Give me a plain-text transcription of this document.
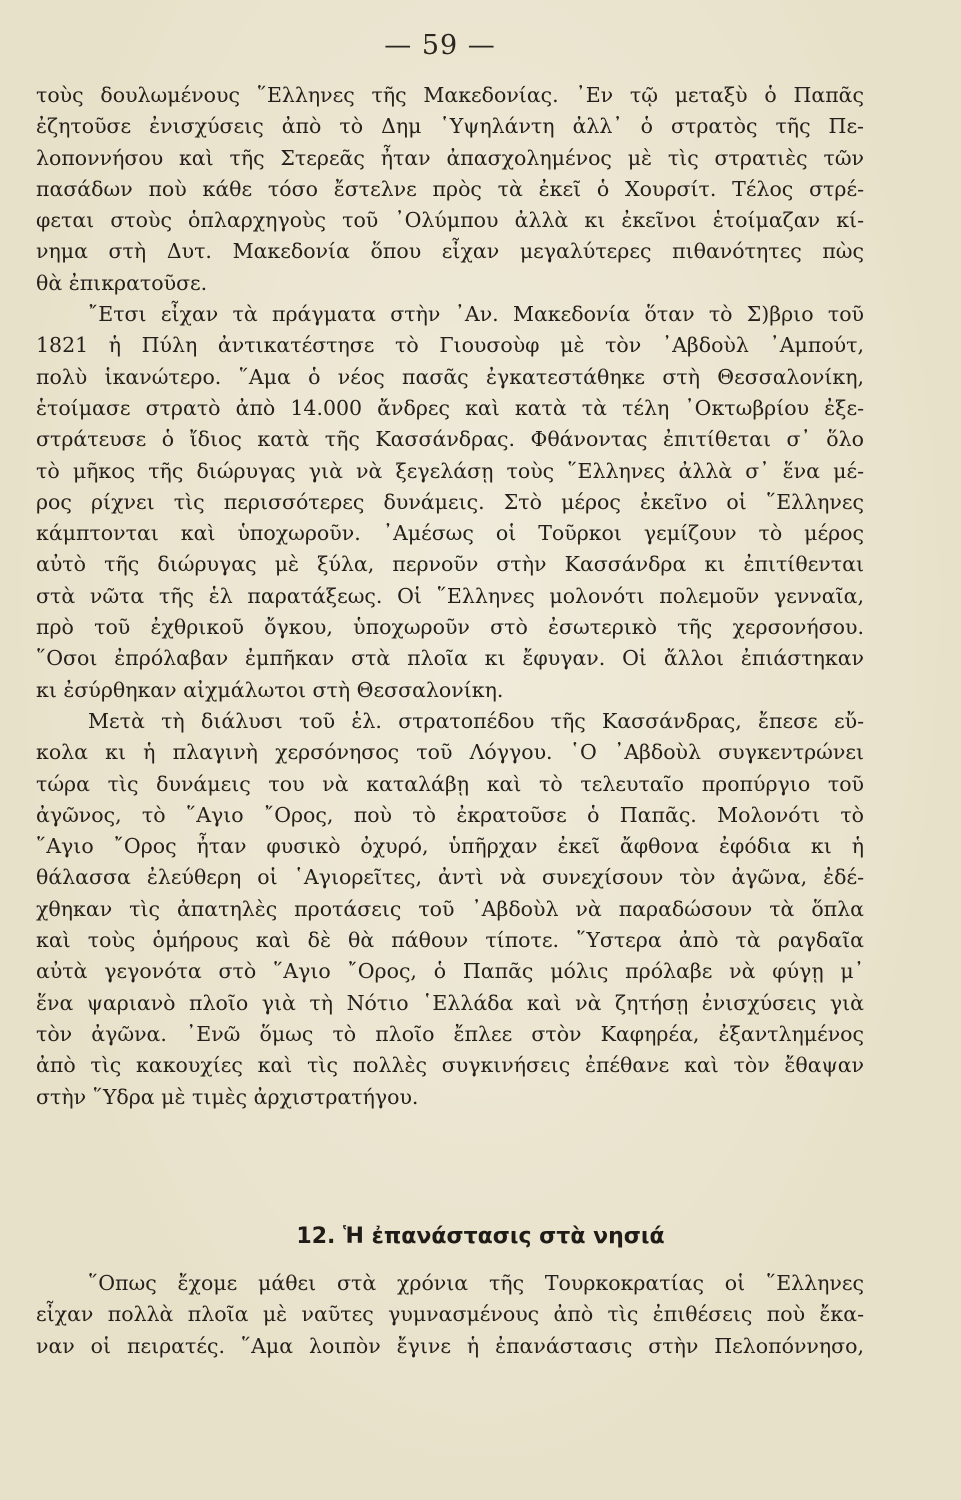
— 59 —
τοὺς δουλωμένους ῞Ελληνες τῆς Μακεδονίας. ᾿Εν τῷ μεταξὺ ὁ Παπᾶς
ἐζητοῦσε ἐνισχύσεις ἀπὸ τὸ Δημ ῾Υψηλάντη ἀλλ᾽ ὁ στρατὸς τῆς Πε-
λοποννήσου καὶ τῆς Στερεᾶς ἦταν ἀπασχολημένος μὲ τὶς στρατιὲς τῶν
πασάδων ποὺ κάθε τόσο ἔστελνε πρὸς τὰ ἐκεῖ ὁ Χουρσίτ. Τέλος στρέ-
φεται στοὺς ὁπλαρχηγοὺς τοῦ ᾿Ολύμπου ἀλλὰ κι ἐκεῖνοι ἑτοίμαζαν κί-
νημα στὴ Δυτ. Μακεδονία ὅπου εἶχαν μεγαλύτερες πιθανότητες πὼς
θὰ ἐπικρατοῦσε.
῎Ετσι εἶχαν τὰ πράγματα στὴν ᾿Αν. Μακεδονία ὅταν τὸ Σ)βριο τοῦ
1821 ἡ Πύλη ἀντικατέστησε τὸ Γιουσοὺφ μὲ τὸν ᾿Αβδοὺλ ᾿Αμπούτ,
πολὺ ἱκανώτερο. ῞Αμα ὁ νέος πασᾶς ἐγκατεστάθηκε στὴ Θεσσαλονίκη,
ἑτοίμασε στρατὸ ἀπὸ 14.000 ἄνδρες καὶ κατὰ τὰ τέλη ᾿Οκτωβρίου ἐξε-
στράτευσε ὁ ἴδιος κατὰ τῆς Κασσάνδρας. Φθάνοντας ἐπιτίθεται σ᾽ ὅλο
τὸ μῆκος τῆς διώρυγας γιὰ νὰ ξεγελάσῃ τοὺς ῞Ελληνες ἀλλὰ σ᾽ ἕνα μέ-
ρος ρίχνει τὶς περισσότερες δυνάμεις. Στὸ μέρος ἐκεῖνο οἱ ῞Ελληνες
κάμπτονται καὶ ὑποχωροῦν. ᾿Αμέσως οἱ Τοῦρκοι γεμίζουν τὸ μέρος
αὐτὸ τῆς διώρυγας μὲ ξύλα, περνοῦν στὴν Κασσάνδρα κι ἐπιτίθενται
στὰ νῶτα τῆς ἑλ παρατάξεως. Οἱ ῞Ελληνες μολονότι πολεμοῦν γενναῖα,
πρὸ τοῦ ἐχθρικοῦ ὄγκου, ὑποχωροῦν στὸ ἐσωτερικὸ τῆς χερσονήσου.
῞Οσοι ἐπρόλαβαν ἐμπῆκαν στὰ πλοῖα κι ἔφυγαν. Οἱ ἄλλοι ἐπιάστηκαν
κι ἐσύρθηκαν αἰχμάλωτοι στὴ Θεσσαλονίκη.
Μετὰ τὴ διάλυσι τοῦ ἑλ. στρατοπέδου τῆς Κασσάνδρας, ἔπεσε εὔ-
κολα κι ἡ πλαγινὴ χερσόνησος τοῦ Λόγγου. ῾Ο ᾿Αβδοὺλ συγκεντρώνει
τώρα τὶς δυνάμεις του νὰ καταλάβῃ καὶ τὸ τελευταῖο προπύργιο τοῦ
ἀγῶνος, τὸ ῞Αγιο ῎Ορος, ποὺ τὸ ἐκρατοῦσε ὁ Παπᾶς. Μολονότι τὸ
῞Αγιο ῎Ορος ἦταν φυσικὸ ὀχυρό, ὑπῆρχαν ἐκεῖ ἄφθονα ἐφόδια κι ἡ
θάλασσα ἐλεύθερη οἱ ῾Αγιορεῖτες, ἀντὶ νὰ συνεχίσουν τὸν ἀγῶνα, ἐδέ-
χθηκαν τὶς ἀπατηλὲς προτάσεις τοῦ ᾿Αβδοὺλ νὰ παραδώσουν τὰ ὅπλα
καὶ τοὺς ὁμήρους καὶ δὲ θὰ πάθουν τίποτε. ῞Υστερα ἀπὸ τὰ ραγδαῖα
αὐτὰ γεγονότα στὸ ῞Αγιο ῎Ορος, ὁ Παπᾶς μόλις πρόλαβε νὰ φύγῃ μ᾽
ἕνα ψαριανὸ πλοῖο γιὰ τὴ Νότιο ῾Ελλάδα καὶ νὰ ζητήσῃ ἐνισχύσεις γιὰ
τὸν ἀγῶνα. ᾿Ενῶ ὅμως τὸ πλοῖο ἔπλεε στὸν Καφηρέα, ἐξαντλημένος
ἀπὸ τὶς κακουχίες καὶ τὶς πολλὲς συγκινήσεις ἐπέθανε καὶ τὸν ἔθαψαν
στὴν ῞Υδρα μὲ τιμὲς ἀρχιστρατήγου.
12. Ἡ ἐπανάστασις στὰ νησιά
῞Οπως ἔχομε μάθει στὰ χρόνια τῆς Τουρκοκρατίας οἱ ῞Ελληνες
εἶχαν πολλὰ πλοῖα μὲ ναῦτες γυμνασμένους ἀπὸ τὶς ἐπιθέσεις ποὺ ἔκα-
ναν οἱ πειρατές. ῞Αμα λοιπὸν ἔγινε ἡ ἐπανάστασις στὴν Πελοπόννησο,
